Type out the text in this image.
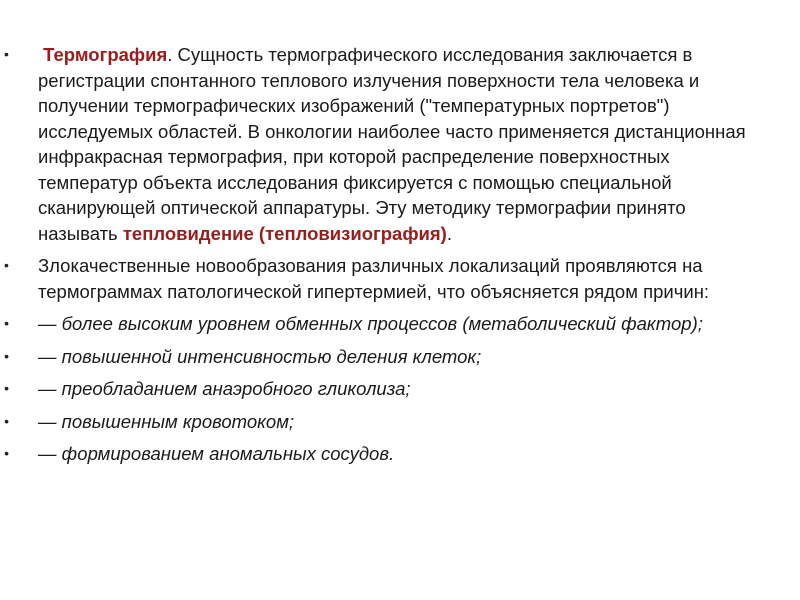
• Термография. Сущность термографического исследования заключается в регистрации спонтанного теплового излучения поверхности тела человека и получении термографических изображений ("температурных портретов") исследуемых областей. В онкологии наиболее часто применяется дистанционная инфракрасная термография, при которой распределение поверхностных температур объекта исследования фиксируется с помощью специальной сканирующей оптической аппаратуры. Эту методику термографии принято называть тепловидение (тепловизиография).
• Злокачественные новообразования различных локализаций проявляются на термограммах патологической гипертермией, что объясняется рядом причин:
• — более высоким уровнем обменных процессов (метаболический фактор);
• — повышенной интенсивностью деления клеток;
• — преобладанием анаэробного гликолиза;
• — повышенным кровотоком;
• — формированием аномальных сосудов.
